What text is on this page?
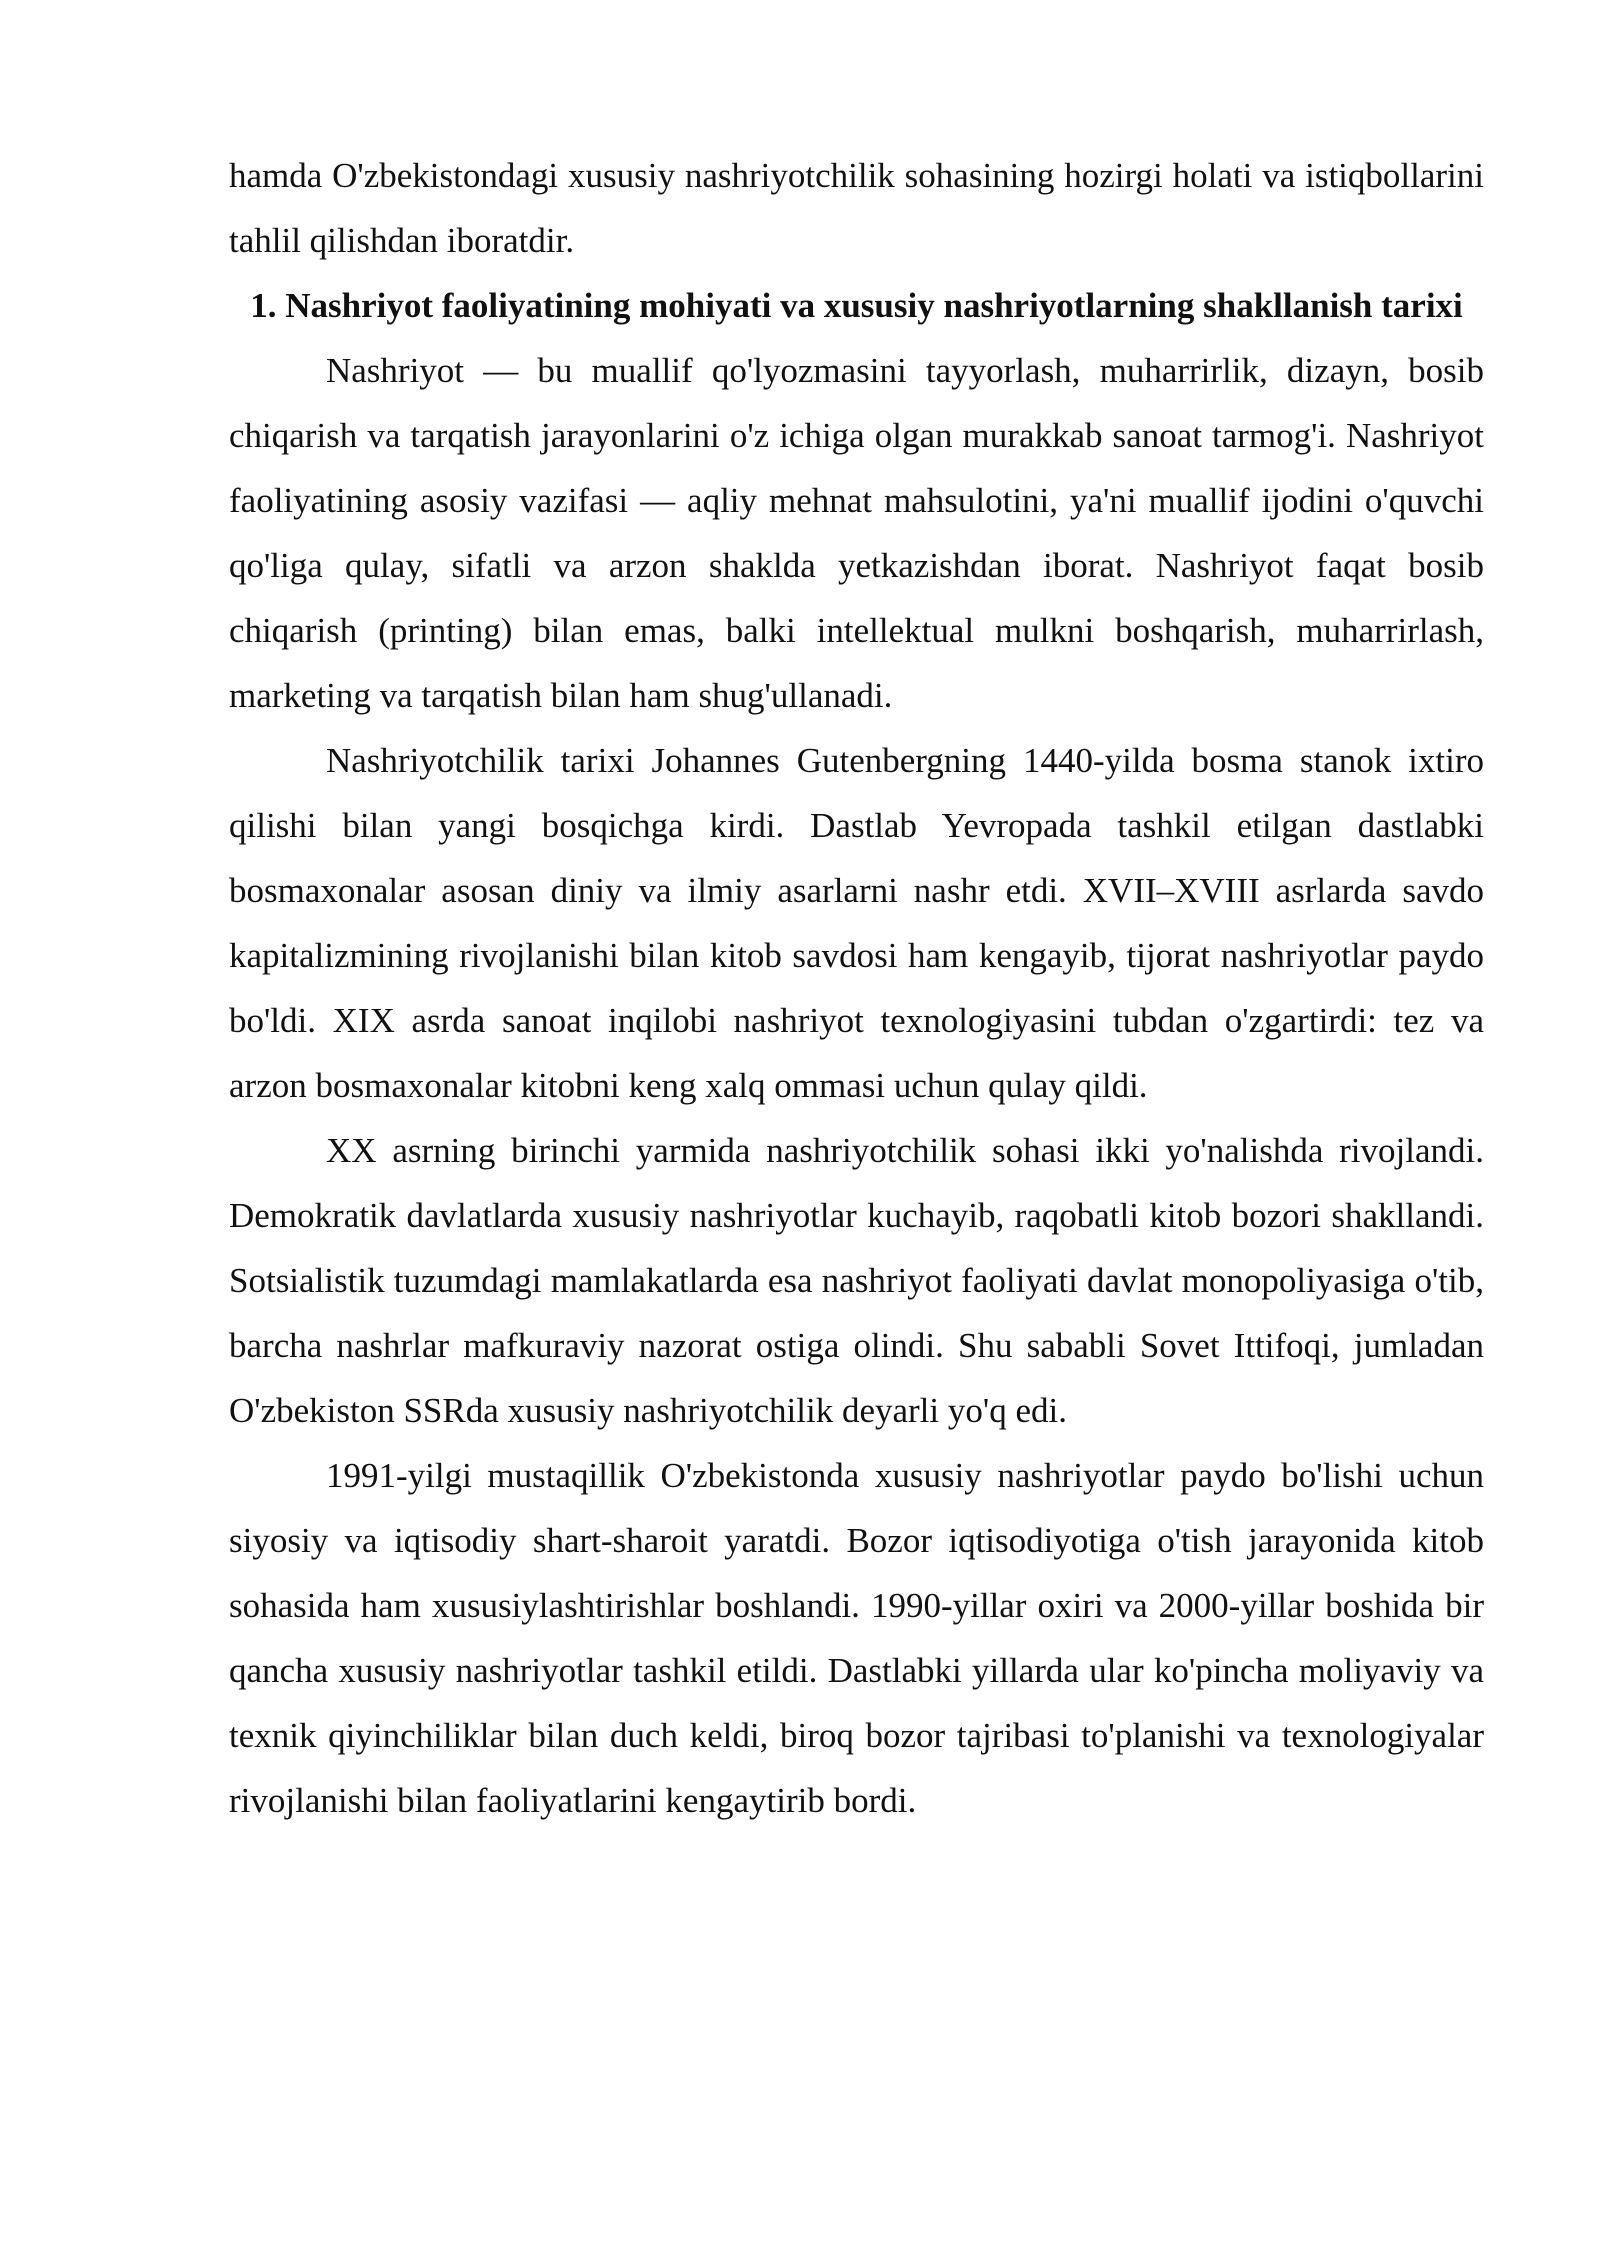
hamda O'zbekistondagi xususiy nashriyotchilik sohasining hozirgi holati va istiqbollarini tahlil qilishdan iboratdir.

1. Nashriyot faoliyatining mohiyati va xususiy nashriyotlarning shakllanish tarixi

Nashriyot — bu muallif qo'lyozmasini tayyorlash, muharrirlik, dizayn, bosib chiqarish va tarqatish jarayonlarini o'z ichiga olgan murakkab sanoat tarmog'i. Nashriyot faoliyatining asosiy vazifasi — aqliy mehnat mahsulotini, ya'ni muallif ijodini o'quvchi qo'liga qulay, sifatli va arzon shaklda yetkazishdan iborat. Nashriyot faqat bosib chiqarish (printing) bilan emas, balki intellektual mulkni boshqarish, muharrirlash, marketing va tarqatish bilan ham shug'ullanadi.

Nashriyotchilik tarixi Johannes Gutenbergning 1440-yilda bosma stanok ixtiro qilishi bilan yangi bosqichga kirdi. Dastlab Yevropada tashkil etilgan dastlabki bosmaxonalar asosan diniy va ilmiy asarlarni nashr etdi. XVII–XVIII asrlarda savdo kapitalizmining rivojlanishi bilan kitob savdosi ham kengayib, tijorat nashriyotlar paydo bo'ldi. XIX asrda sanoat inqilobi nashriyot texnologiyasini tubdan o'zgartirdi: tez va arzon bosmaxonalar kitobni keng xalq ommasi uchun qulay qildi.

XX asrning birinchi yarmida nashriyotchilik sohasi ikki yo'nalishda rivojlandi. Demokratik davlatlarda xususiy nashriyotlar kuchayib, raqobatli kitob bozori shakllandi. Sotsialistik tuzumdagi mamlakatlarda esa nashriyot faoliyati davlat monopoliyasiga o'tib, barcha nashrlar mafkuraviy nazorat ostiga olindi. Shu sababli Sovet Ittifoqi, jumladan O'zbekiston SSRda xususiy nashriyotchilik deyarli yo'q edi.

1991-yilgi mustaqillik O'zbekistonda xususiy nashriyotlar paydo bo'lishi uchun siyosiy va iqtisodiy shart-sharoit yaratdi. Bozor iqtisodiyotiga o'tish jarayonida kitob sohasida ham xususiylashtirishlar boshlandi. 1990-yillar oxiri va 2000-yillar boshida bir qancha xususiy nashriyotlar tashkil etildi. Dastlabki yillarda ular ko'pincha moliyaviy va texnik qiyinchiliklar bilan duch keldi, biroq bozor tajribasi to'planishi va texnologiyalar rivojlanishi bilan faoliyatlarini kengaytirib bordi.
